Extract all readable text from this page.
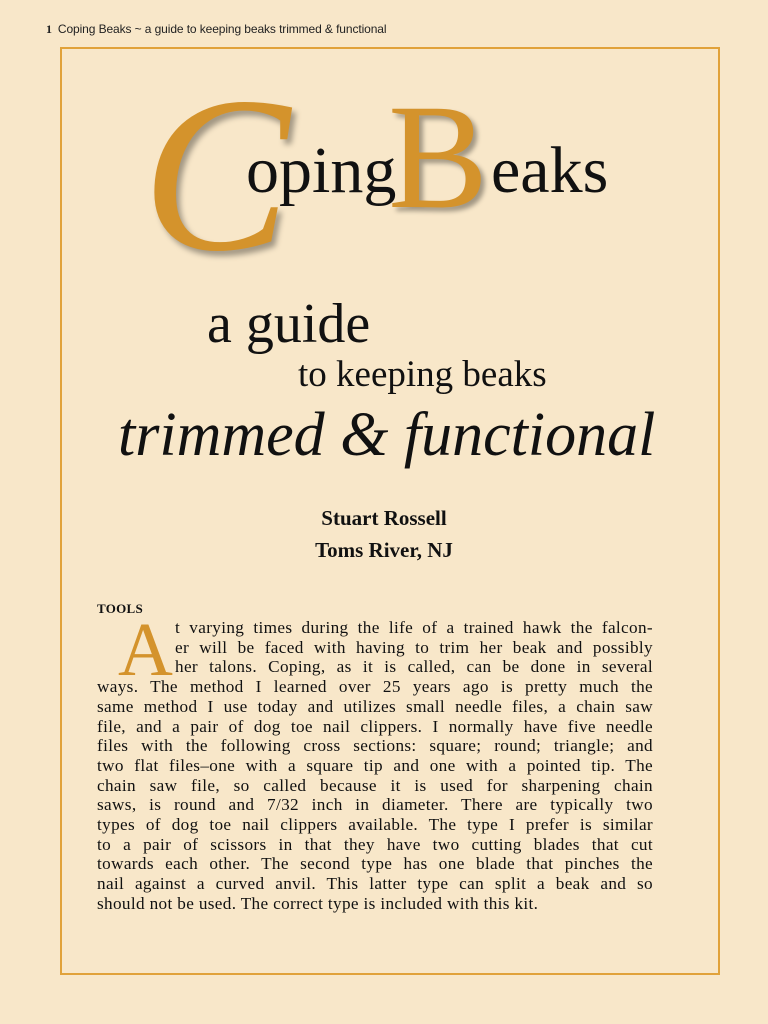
1 Coping Beaks ~ a guide to keeping beaks trimmed & functional
C
oping
B eaks
a guide
to keeping beaks
trimmed & functional
Stuart Rossell
Toms River, NJ
TOOLS
A t varying times during the life of a trained hawk the falcon-
er will be faced with having to trim her beak and possibly
her talons. Coping, as it is called, can be done in several
ways. The method I learned over 25 years ago is pretty much the
same method I use today and utilizes small needle files, a chain saw
file, and a pair of dog toe nail clippers. I normally have five needle
files with the following cross sections: square; round; triangle; and
two flat files–one with a square tip and one with a pointed tip. The
chain saw file, so called because it is used for sharpening chain
saws, is round and 7/32 inch in diameter. There are typically two
types of dog toe nail clippers available. The type I prefer is similar
to a pair of scissors in that they have two cutting blades that cut
towards each other. The second type has one blade that pinches the
nail against a curved anvil. This latter type can split a beak and so
should not be used. The correct type is included with this kit.
